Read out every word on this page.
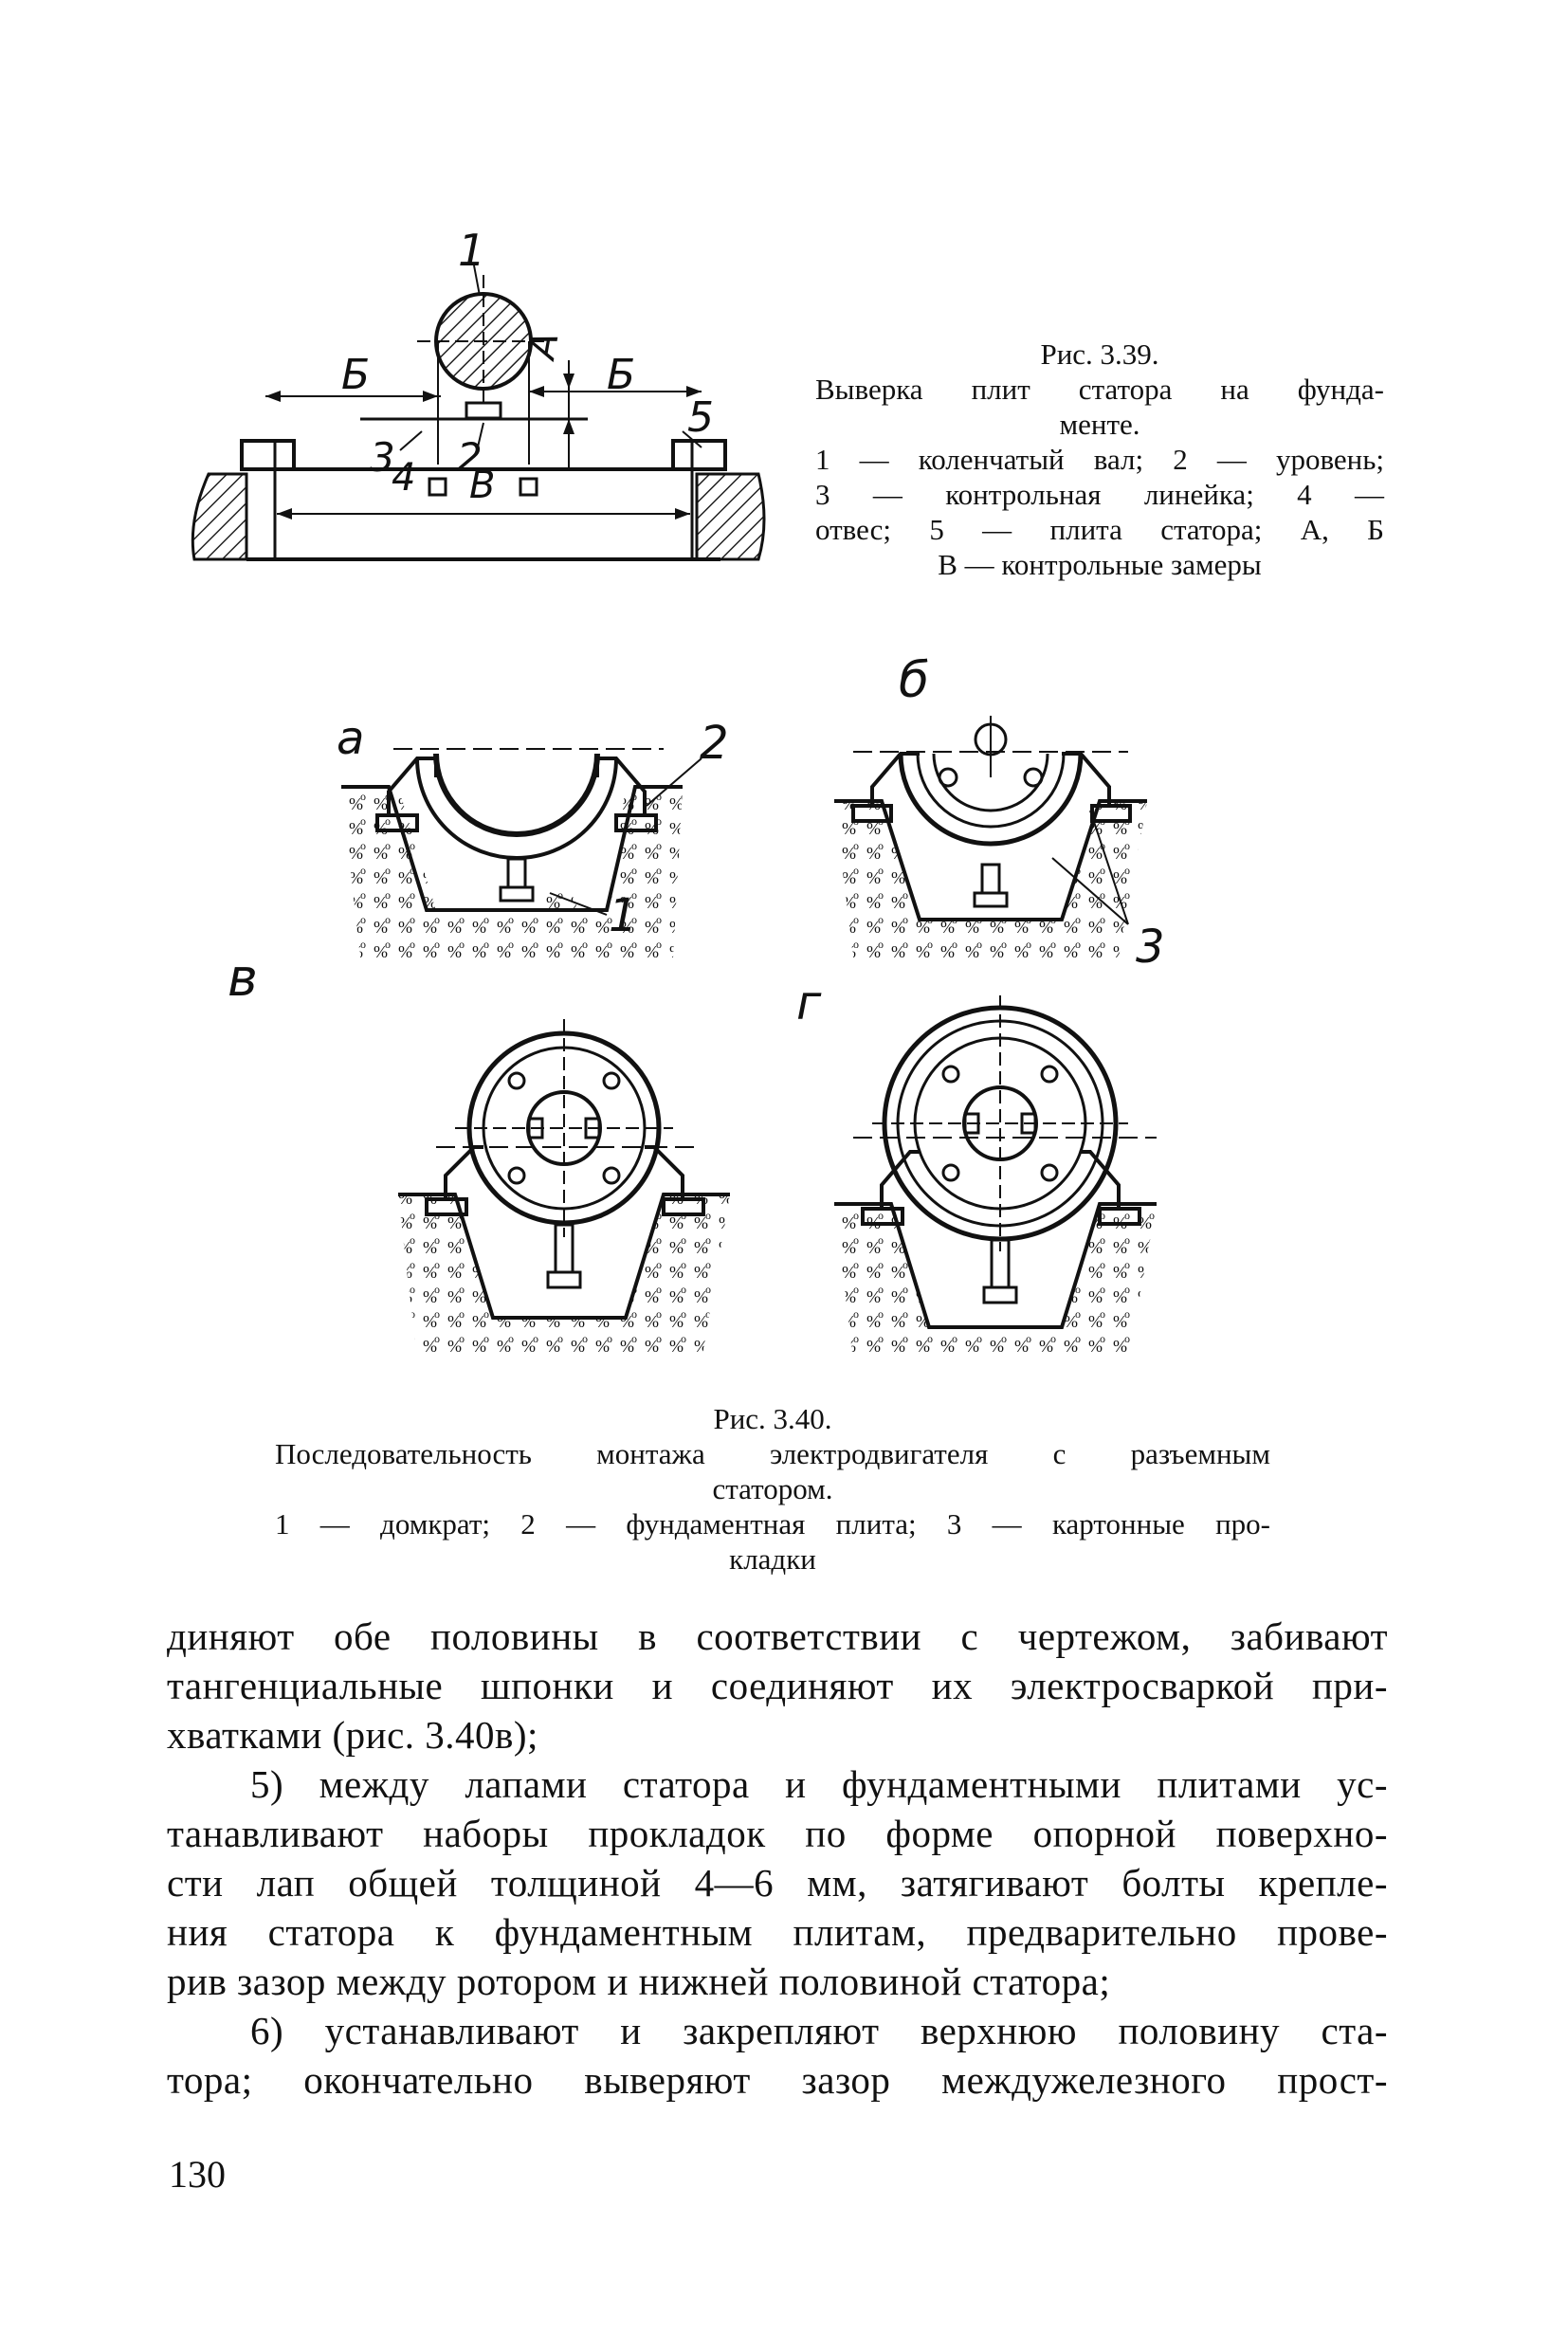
1
Б	Б
А
5
3
4 2
В
Рис. 3.39.
Выверка плит статора на фунда-
менте.
1 — коленчатый вал; 2 — уровень;
3 — контрольная линейка; 4 —
отвес; 5 — плита статора; А, Б
В — контрольные замеры
а	2
1
б
3
в	г
Рис. 3.40.
Последовательность монтажа электродвигателя с разъемным
статором.
1 — домкрат; 2 — фундаментная плита; 3 — картонные про-
кладки

диняют обе половины в соответствии с чертежом, забивают

тангенциальные шпонки и соединяют их электросваркой при-

хватками (рис. 3.40в);

5) между лапами статора и фундаментными плитами ус-

танавливают наборы прокладок по форме опорной поверхно-

сти лап общей толщиной 4—6 мм, затягивают болты крепле-

ния статора к фундаментным плитам, предварительно прове-

рив зазор между ротором и нижней половиной статора;

6) устанавливают и закрепляют верхнюю половину ста-

тора; окончательно выверяют зазор междужелезного прост-

130
